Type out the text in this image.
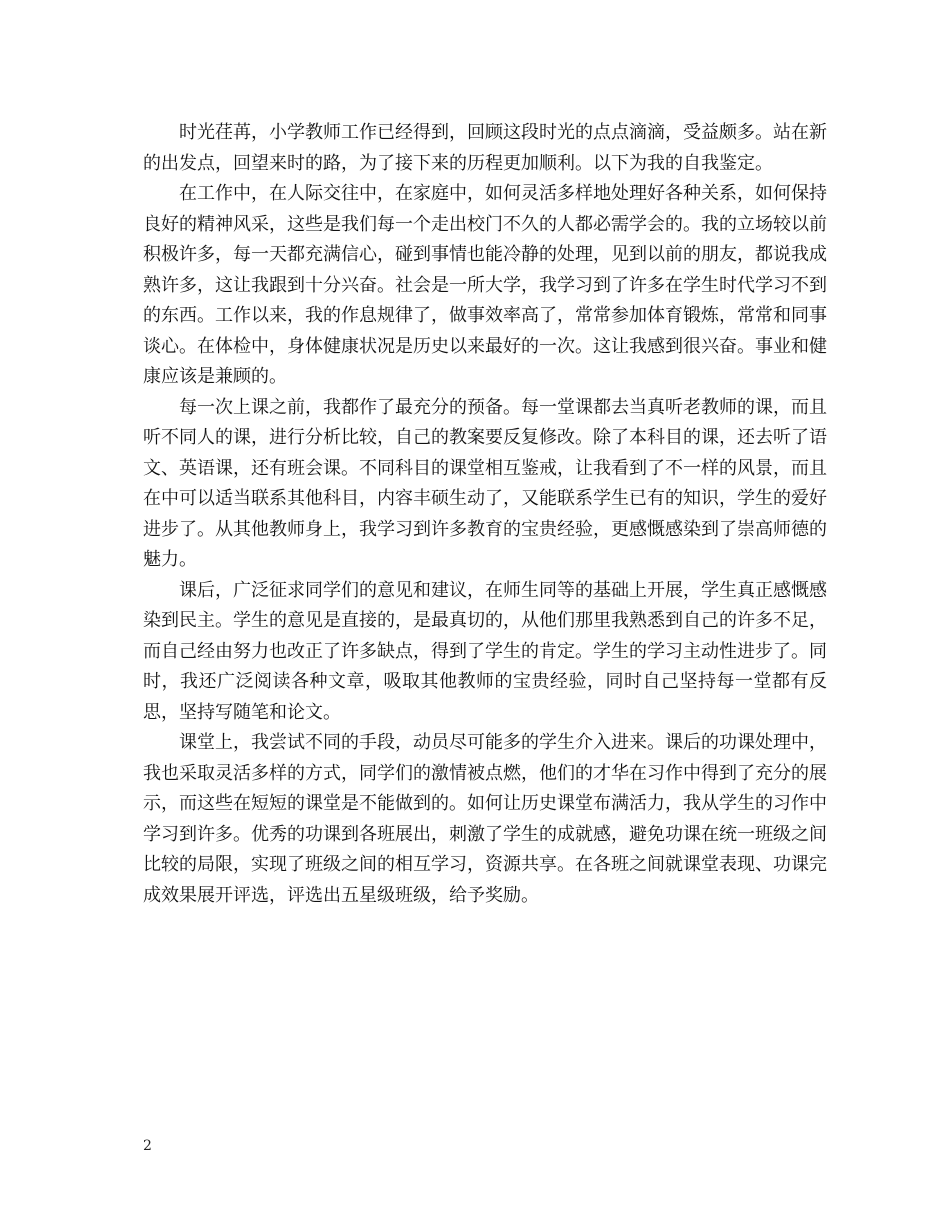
时光荏苒，小学教师工作已经得到，回顾这段时光的点点滴滴，受益颇多。站在新的出发点，回望来时的路，为了接下来的历程更加顺利。以下为我的自我鉴定。

在工作中，在人际交往中，在家庭中，如何灵活多样地处理好各种关系，如何保持良好的精神风采，这些是我们每一个走出校门不久的人都必需学会的。我的立场较以前积极许多，每一天都充满信心，碰到事情也能冷静的处理，见到以前的朋友，都说我成熟许多，这让我跟到十分兴奋。社会是一所大学，我学习到了许多在学生时代学习不到的东西。工作以来，我的作息规律了，做事效率高了，常常参加体育锻炼，常常和同事谈心。在体检中，身体健康状况是历史以来最好的一次。这让我感到很兴奋。事业和健康应该是兼顾的。

每一次上课之前，我都作了最充分的预备。每一堂课都去当真听老教师的课，而且听不同人的课，进行分析比较，自己的教案要反复修改。除了本科目的课，还去听了语文、英语课，还有班会课。不同科目的课堂相互鉴戒，让我看到了不一样的风景，而且在中可以适当联系其他科目，内容丰硕生动了，又能联系学生已有的知识，学生的爱好进步了。从其他教师身上，我学习到许多教育的宝贵经验，更感慨感染到了崇高师德的魅力。

课后，广泛征求同学们的意见和建议，在师生同等的基础上开展，学生真正感慨感染到民主。学生的意见是直接的，是最真切的，从他们那里我熟悉到自己的许多不足，而自己经由努力也改正了许多缺点，得到了学生的肯定。学生的学习主动性进步了。同时，我还广泛阅读各种文章，吸取其他教师的宝贵经验，同时自己坚持每一堂都有反思，坚持写随笔和论文。

课堂上，我尝试不同的手段，动员尽可能多的学生介入进来。课后的功课处理中，我也采取灵活多样的方式，同学们的激情被点燃，他们的才华在习作中得到了充分的展示，而这些在短短的课堂是不能做到的。如何让历史课堂布满活力，我从学生的习作中学习到许多。优秀的功课到各班展出，刺激了学生的成就感，避免功课在统一班级之间比较的局限，实现了班级之间的相互学习，资源共享。在各班之间就课堂表现、功课完成效果展开评选，评选出五星级班级，给予奖励。

2
